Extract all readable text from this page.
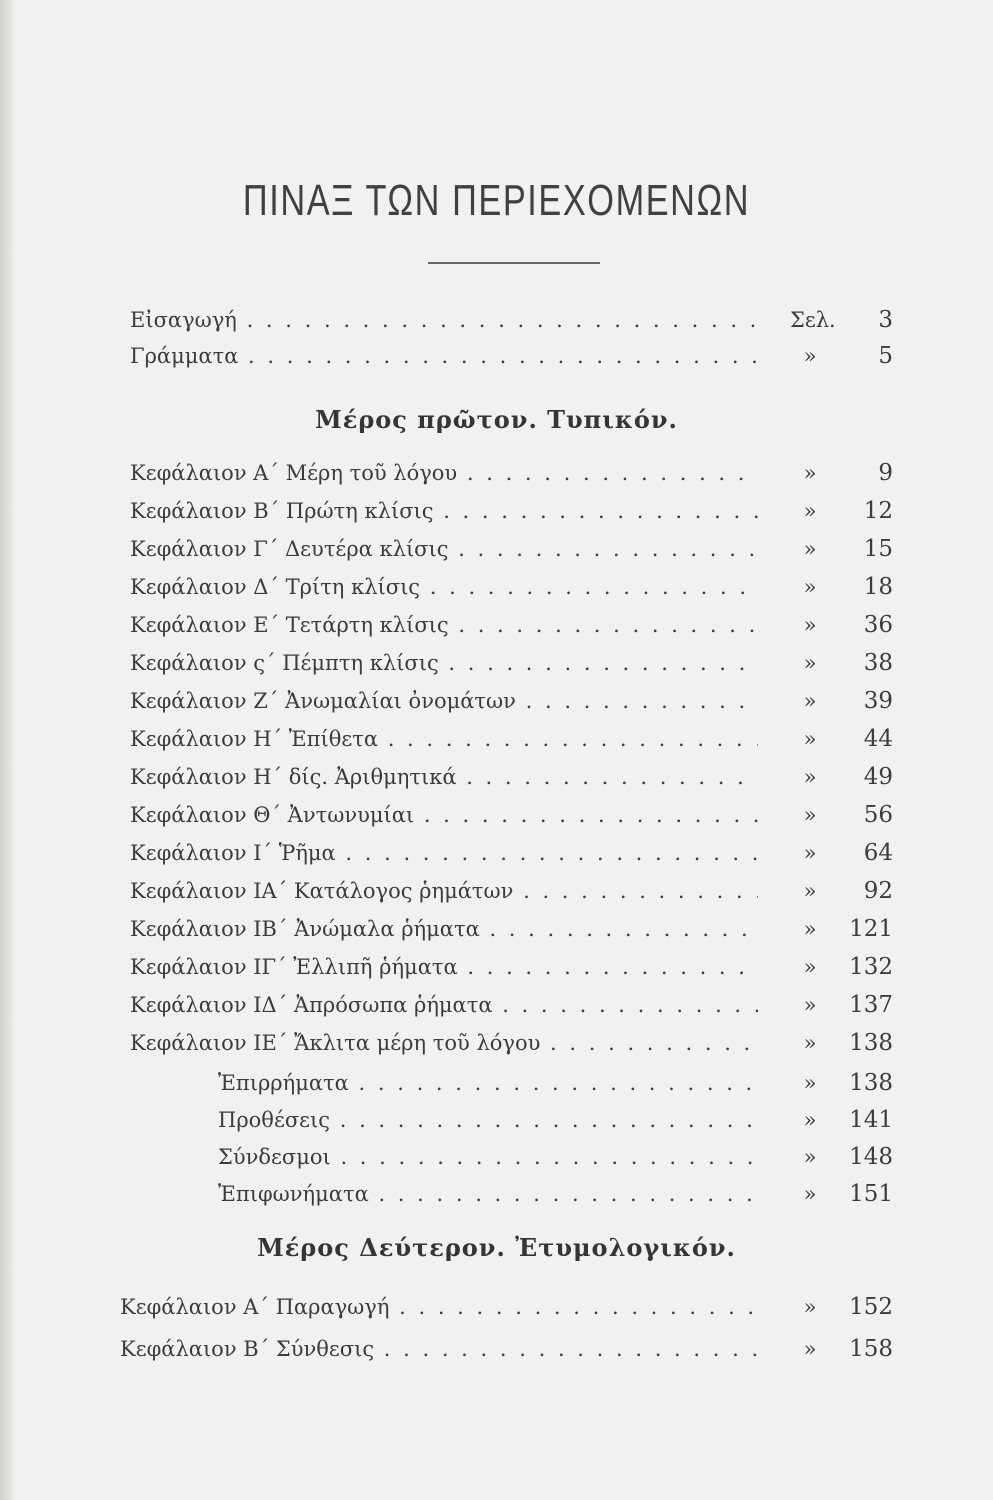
ΠΙΝΑΞ ΤΩΝ ΠΕΡΙΕΧΟΜΕΝΩΝ
Εἰσαγωγή . . .	Σελ.	3
Γράμματα . . .	»	5
Μέρος πρῶτον. Τυπικόν.
Κεφάλαιον Α΄ Μέρη τοῦ λόγου . . .	»	9
Κεφάλαιον Β΄ Πρώτη κλίσις . . .	»	12
Κεφάλαιον Γ΄ Δευτέρα κλίσις . . .	»	15
Κεφάλαιον Δ΄ Τρίτη κλίσις . . .	»	18
Κεφάλαιον Ε΄ Τετάρτη κλίσις . . .	»	36
Κεφάλαιον ς΄ Πέμπτη κλίσις . . .	»	38
Κεφάλαιον Ζ΄ Ἀνωμαλίαι ὀνομάτων . . .	»	39
Κεφάλαιον Η΄ Ἐπίθετα . . .	»	44
Κεφάλαιον Η΄ δίς. Ἀριθμητικά . . .	»	49
Κεφάλαιον Θ΄ Ἀντωνυμίαι . . .	»	56
Κεφάλαιον Ι΄ Ῥῆμα . . .	»	64
Κεφάλαιον ΙΑ΄ Κατάλογος ῥημάτων . . .	»	92
Κεφάλαιον ΙΒ΄ Ἀνώμαλα ῥήματα . . .	»	121
Κεφάλαιον ΙΓ΄ Ἐλλιπῆ ῥήματα . . .	»	132
Κεφάλαιον ΙΔ΄ Ἀπρόσωπα ῥήματα . . .	»	137
Κεφάλαιον ΙΕ΄ Ἄκλιτα μέρη τοῦ λόγου . . .	»	138
Ἐπιρρήματα . . .	»	138
Προθέσεις . . .	»	141
Σύνδεσμοι . . .	»	148
Ἐπιφωνήματα . . .	»	151
Μέρος Δεύτερον. Ἐτυμολογικόν.
Κεφάλαιον Α΄ Παραγωγή . . .	»	152
Κεφάλαιον Β΄ Σύνθεσις . . .	»	158
